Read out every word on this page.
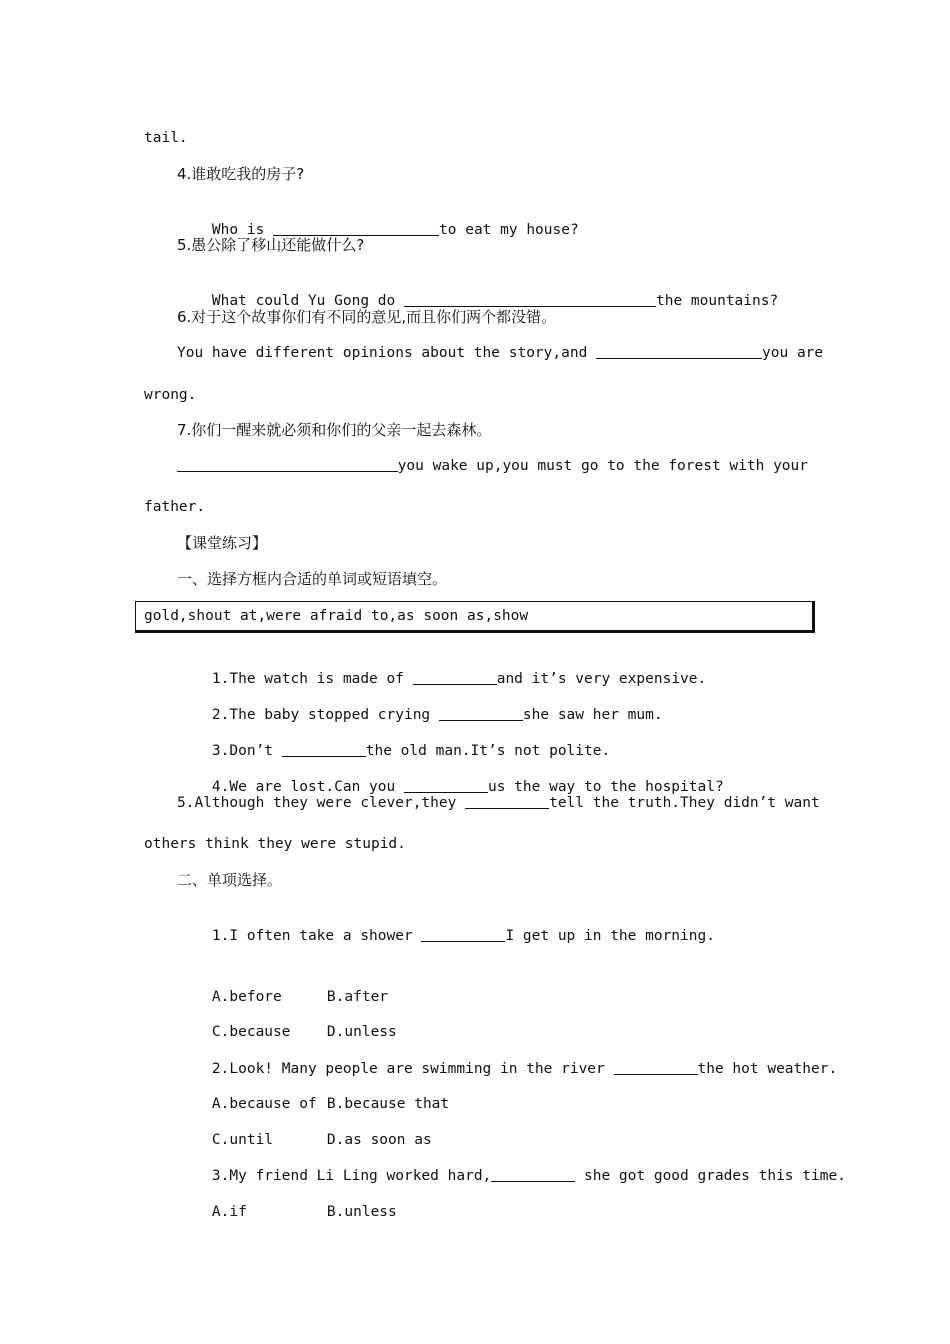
tail.
4.谁敢吃我的房子?

Who is	to eat my house?

5.愚公除了移山还能做什么?

What could Yu Gong do	the mountains?

6.对于这个故事你们有不同的意见,而且你们两个都没错。
You have different opinions about the story,and	you are
wrong.
7.你们一醒来就必须和你们的父亲一起去森林。
you wake up,you must go to the forest with your
father.
【课堂练习】
一、选择方框内合适的单词或短语填空。
gold,shout at,were afraid to,as soon as,show

1.The watch is made of	and it’s very expensive.

2.The baby stopped crying	she saw her mum.

3.Don’t	the old man.It’s not polite.

4.We are lost.Can you	us the way to the hospital?

5.Although they were clever,they	tell the truth.They didn’t want
others think they were stupid.
二、单项选择。

1.I often take a shower	I get up in the morning.

A.before	B.after

C.because	D.unless

2.Look! Many people are swimming in the river	the hot weather.

A.because of B.because that

C.until	D.as soon as

3.My friend Li Ling worked hard,	she got good grades this time.

A.if	B.unless
